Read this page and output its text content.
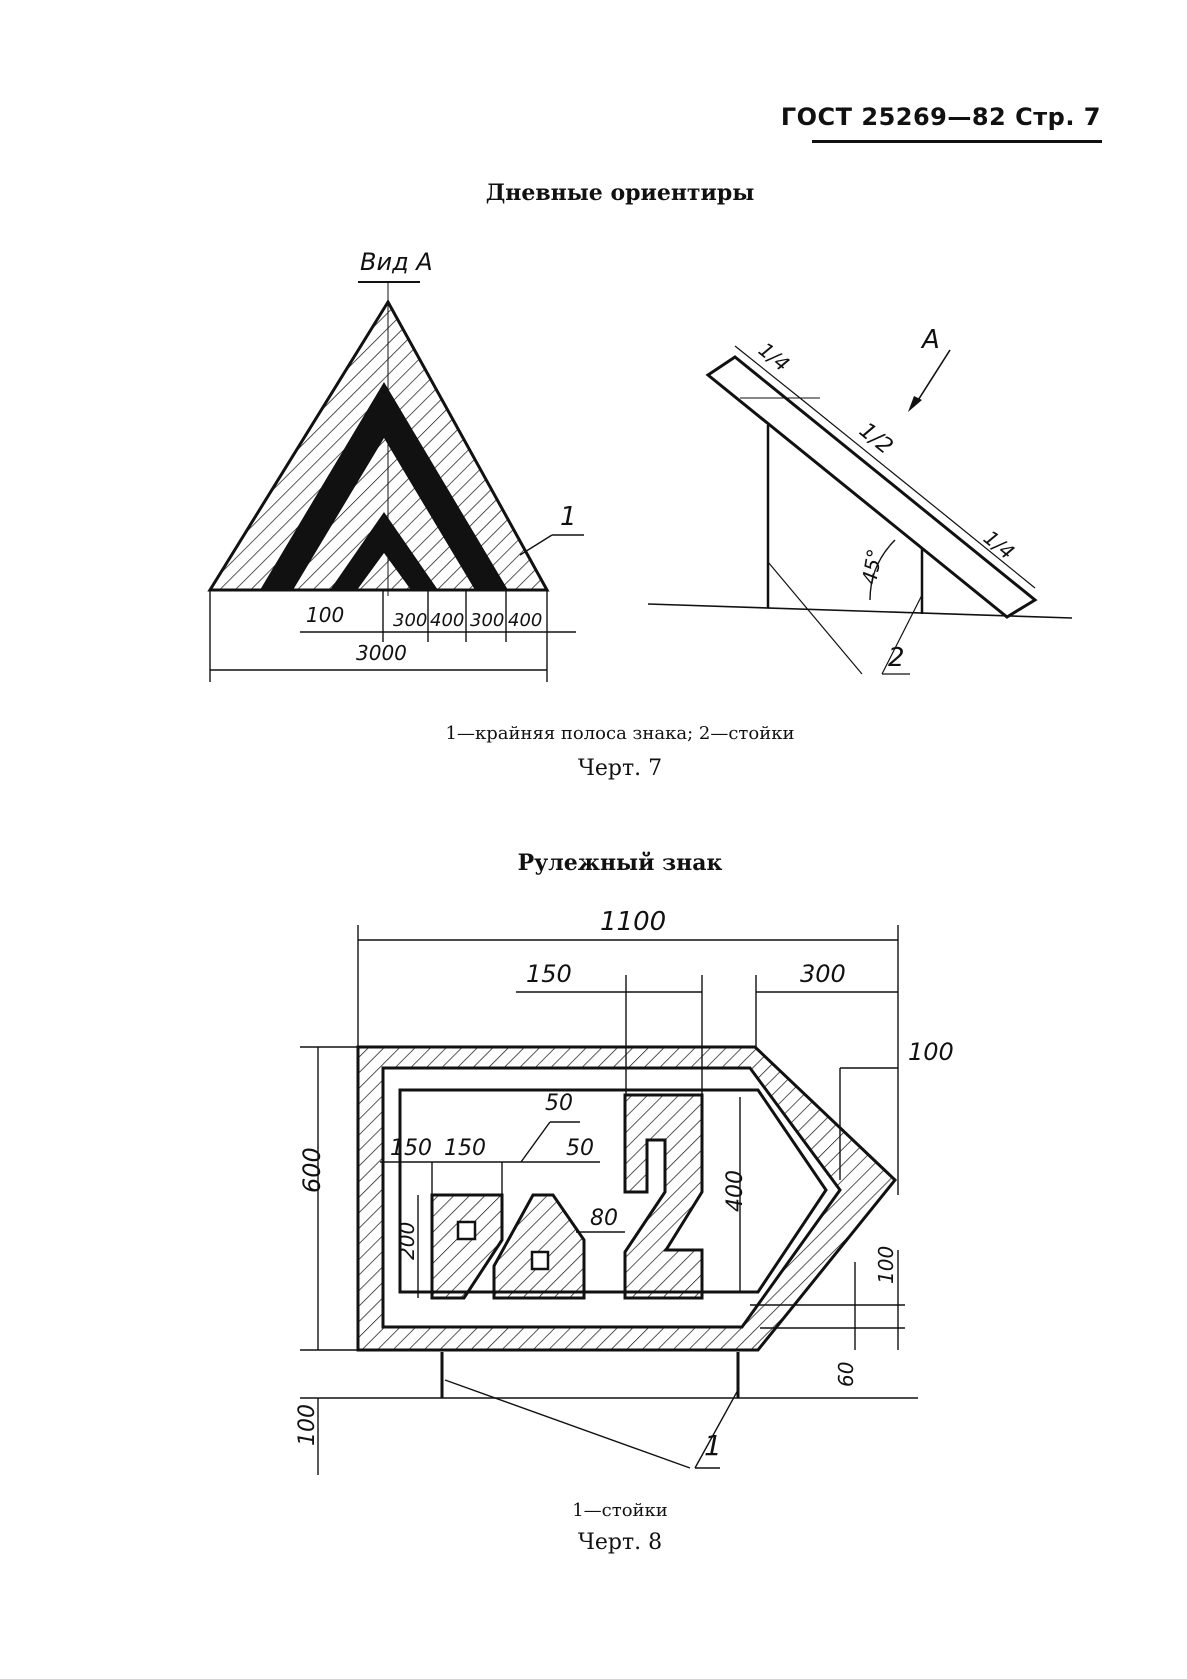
ГОСТ 25269—82 Стр. 7
Дневные ориентиры
100	300 400 300 400
3000
Вид A
1
1/4
1/2
1/4
45°
A
2
1100
150	300
100
600
50
150 150	50
80
400
200
100
60
100	1
1—крайняя полоса знака; 2—стойки
Черт. 7
Рулежный знак
1—стойки
Черт. 8
